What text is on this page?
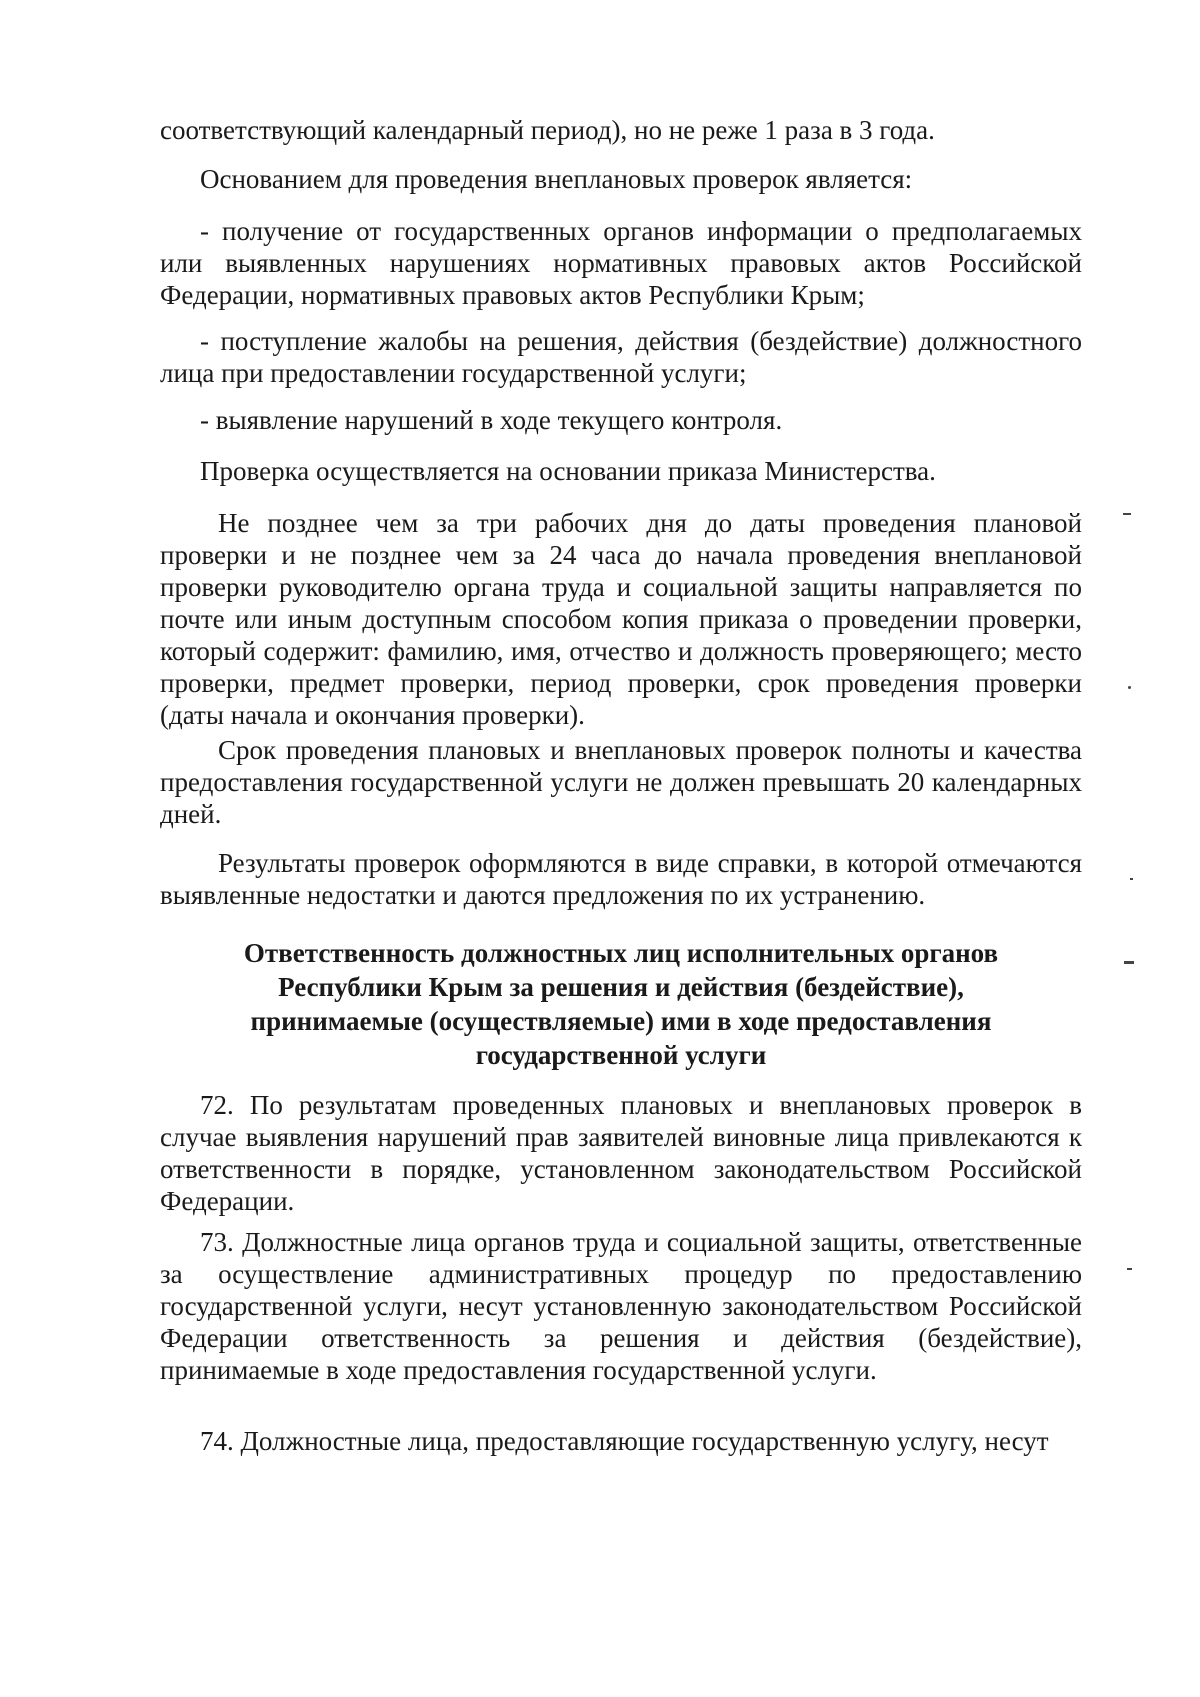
соответствующий календарный период), но не реже 1 раза в 3 года.

Основанием для проведения внеплановых проверок является:

- получение от государственных органов информации о предполагаемых или выявленных нарушениях нормативных правовых актов Российской Федерации, нормативных правовых актов Республики Крым;

- поступление жалобы на решения, действия (бездействие) должностного лица при предоставлении государственной услуги;

- выявление нарушений в ходе текущего контроля.

Проверка осуществляется на основании приказа Министерства.

Не позднее чем за три рабочих дня до даты проведения плановой проверки и не позднее чем за 24 часа до начала проведения внеплановой проверки руководителю органа труда и социальной защиты направляется по почте или иным доступным способом копия приказа о проведении проверки, который содержит: фамилию, имя, отчество и должность проверяющего; место проверки, предмет проверки, период проверки, срок проведения проверки (даты начала и окончания проверки).

Срок проведения плановых и внеплановых проверок полноты и качества предоставления государственной услуги не должен превышать 20 календарных дней.

Результаты проверок оформляются в виде справки, в которой отмечаются выявленные недостатки и даются предложения по их устранению.

Ответственность должностных лиц исполнительных органов
Республики Крым за решения и действия (бездействие),
принимаемые (осуществляемые) ими в ходе предоставления
государственной услуги

72. По результатам проведенных плановых и внеплановых проверок в случае выявления нарушений прав заявителей виновные лица привлекаются к ответственности в порядке, установленном законодательством Российской Федерации.

73. Должностные лица органов труда и социальной защиты, ответственные за осуществление административных процедур по предоставлению государственной услуги, несут установленную законодательством Российской Федерации ответственность за решения и действия (бездействие), принимаемые в ходе предоставления государственной услуги.

74. Должностные лица, предоставляющие государственную услугу, несут
